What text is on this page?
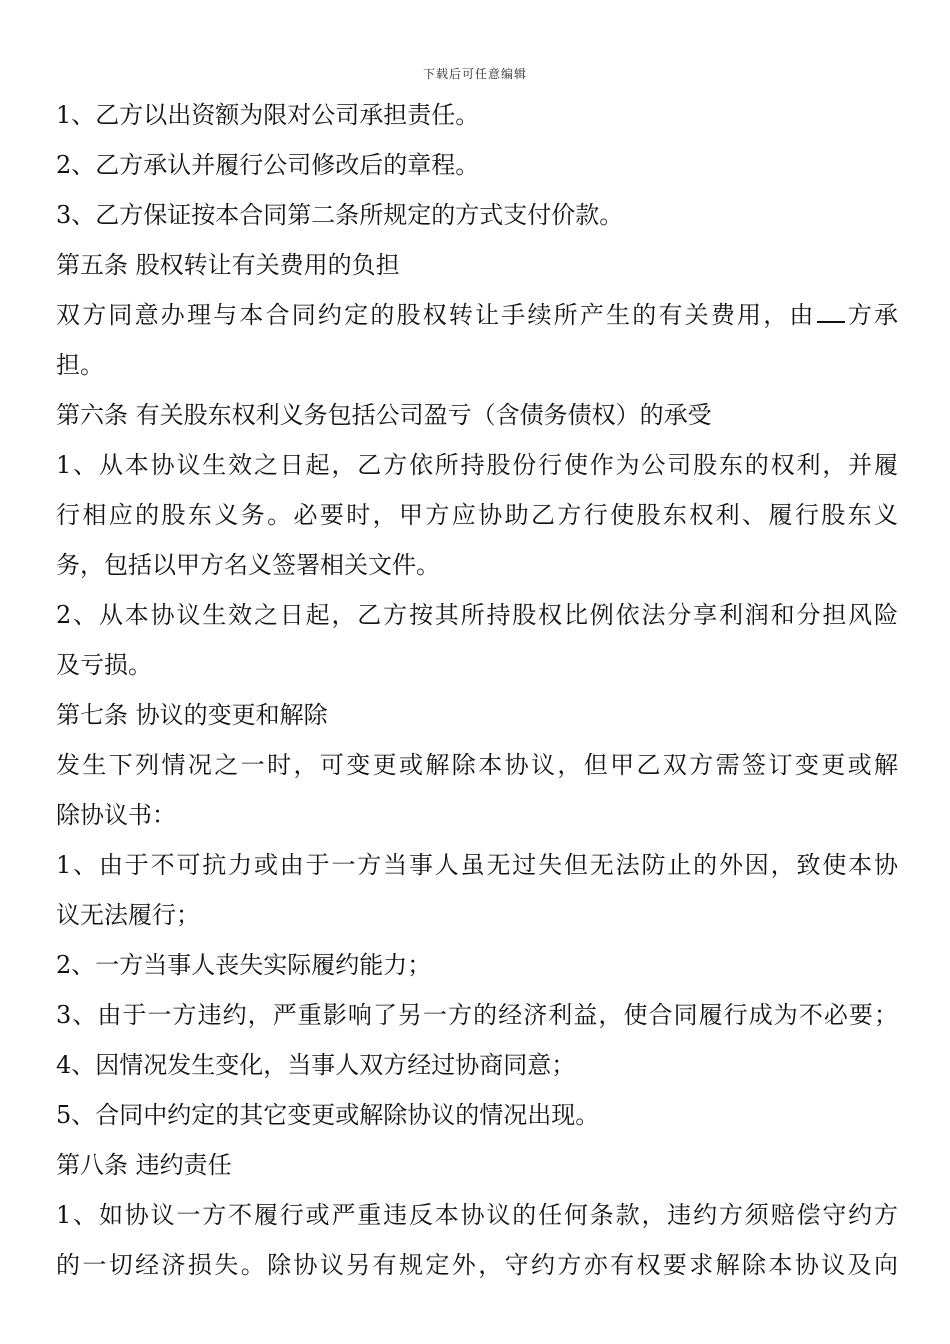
下载后可任意编辑

1、乙方以出资额为限对公司承担责任。

2、乙方承认并履行公司修改后的章程。

3、乙方保证按本合同第二条所规定的方式支付价款。

第五条 股权转让有关费用的负担

双方同意办理与本合同约定的股权转让手续所产生的有关费用，由 方承

担。

第六条 有关股东权利义务包括公司盈亏（含债务债权）的承受

1、从本协议生效之日起，乙方依所持股份行使作为公司股东的权利，并履

行相应的股东义务。必要时，甲方应协助乙方行使股东权利、履行股东义

务，包括以甲方名义签署相关文件。

2、从本协议生效之日起，乙方按其所持股权比例依法分享利润和分担风险

及亏损。

第七条 协议的变更和解除

发生下列情况之一时，可变更或解除本协议，但甲乙双方需签订变更或解

除协议书：

1、由于不可抗力或由于一方当事人虽无过失但无法防止的外因，致使本协

议无法履行；

2、一方当事人丧失实际履约能力；

3、由于一方违约，严重影响了另一方的经济利益，使合同履行成为不必要；

4、因情况发生变化，当事人双方经过协商同意；

5、合同中约定的其它变更或解除协议的情况出现。

第八条 违约责任

1、如协议一方不履行或严重违反本协议的任何条款，违约方须赔偿守约方

的一切经济损失。除协议另有规定外，守约方亦有权要求解除本协议及向
